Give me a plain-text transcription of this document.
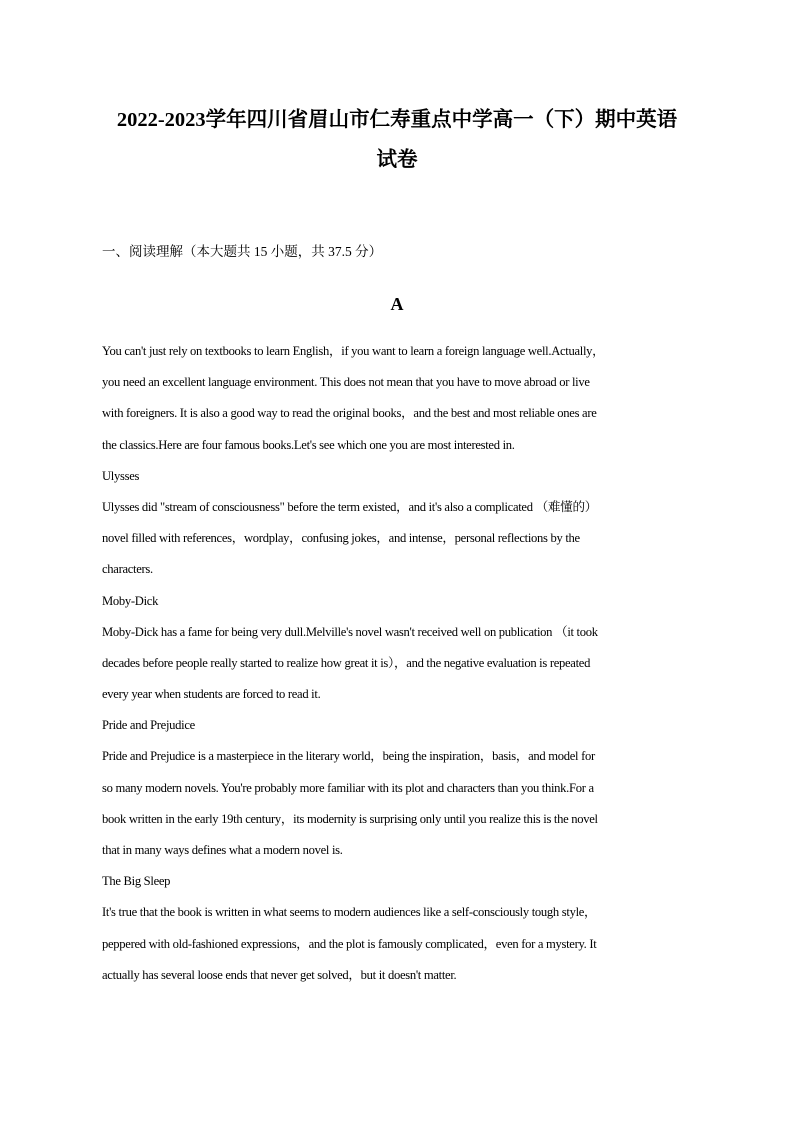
2022-2023学年四川省眉山市仁寿重点中学高一（下）期中英语
试卷
一、阅读理解（本大题共 15 小题，共 37.5 分）
A
You can't just rely on textbooks to learn English，if you want to learn a foreign language well.Actually，
you need an excellent language environment. This does not mean that you have to move abroad or live
with foreigners. It is also a good way to read the original books，and the best and most reliable ones are
the classics.Here are four famous books.Let's see which one you are most interested in.
Ulysses
Ulysses did "stream of consciousness" before the term existed，and it's also a complicated （难懂的）
novel filled with references，wordplay，confusing jokes，and intense，personal reflections by the
characters.
Moby-Dick
Moby-Dick has a fame for being very dull.Melville's novel wasn't received well on publication （it took
decades before people really started to realize how great it is），and the negative evaluation is repeated
every year when students are forced to read it.
Pride and Prejudice
Pride and Prejudice is a masterpiece in the literary world，being the inspiration，basis，and model for
so many modern novels. You're probably more familiar with its plot and characters than you think.For a
book written in the early 19th century，its modernity is surprising only until you realize this is the novel
that in many ways defines what a modern novel is.
The Big Sleep
It's true that the book is written in what seems to modern audiences like a self-consciously tough style，
peppered with old-fashioned expressions，and the plot is famously complicated，even for a mystery. It
actually has several loose ends that never get solved，but it doesn't matter.
